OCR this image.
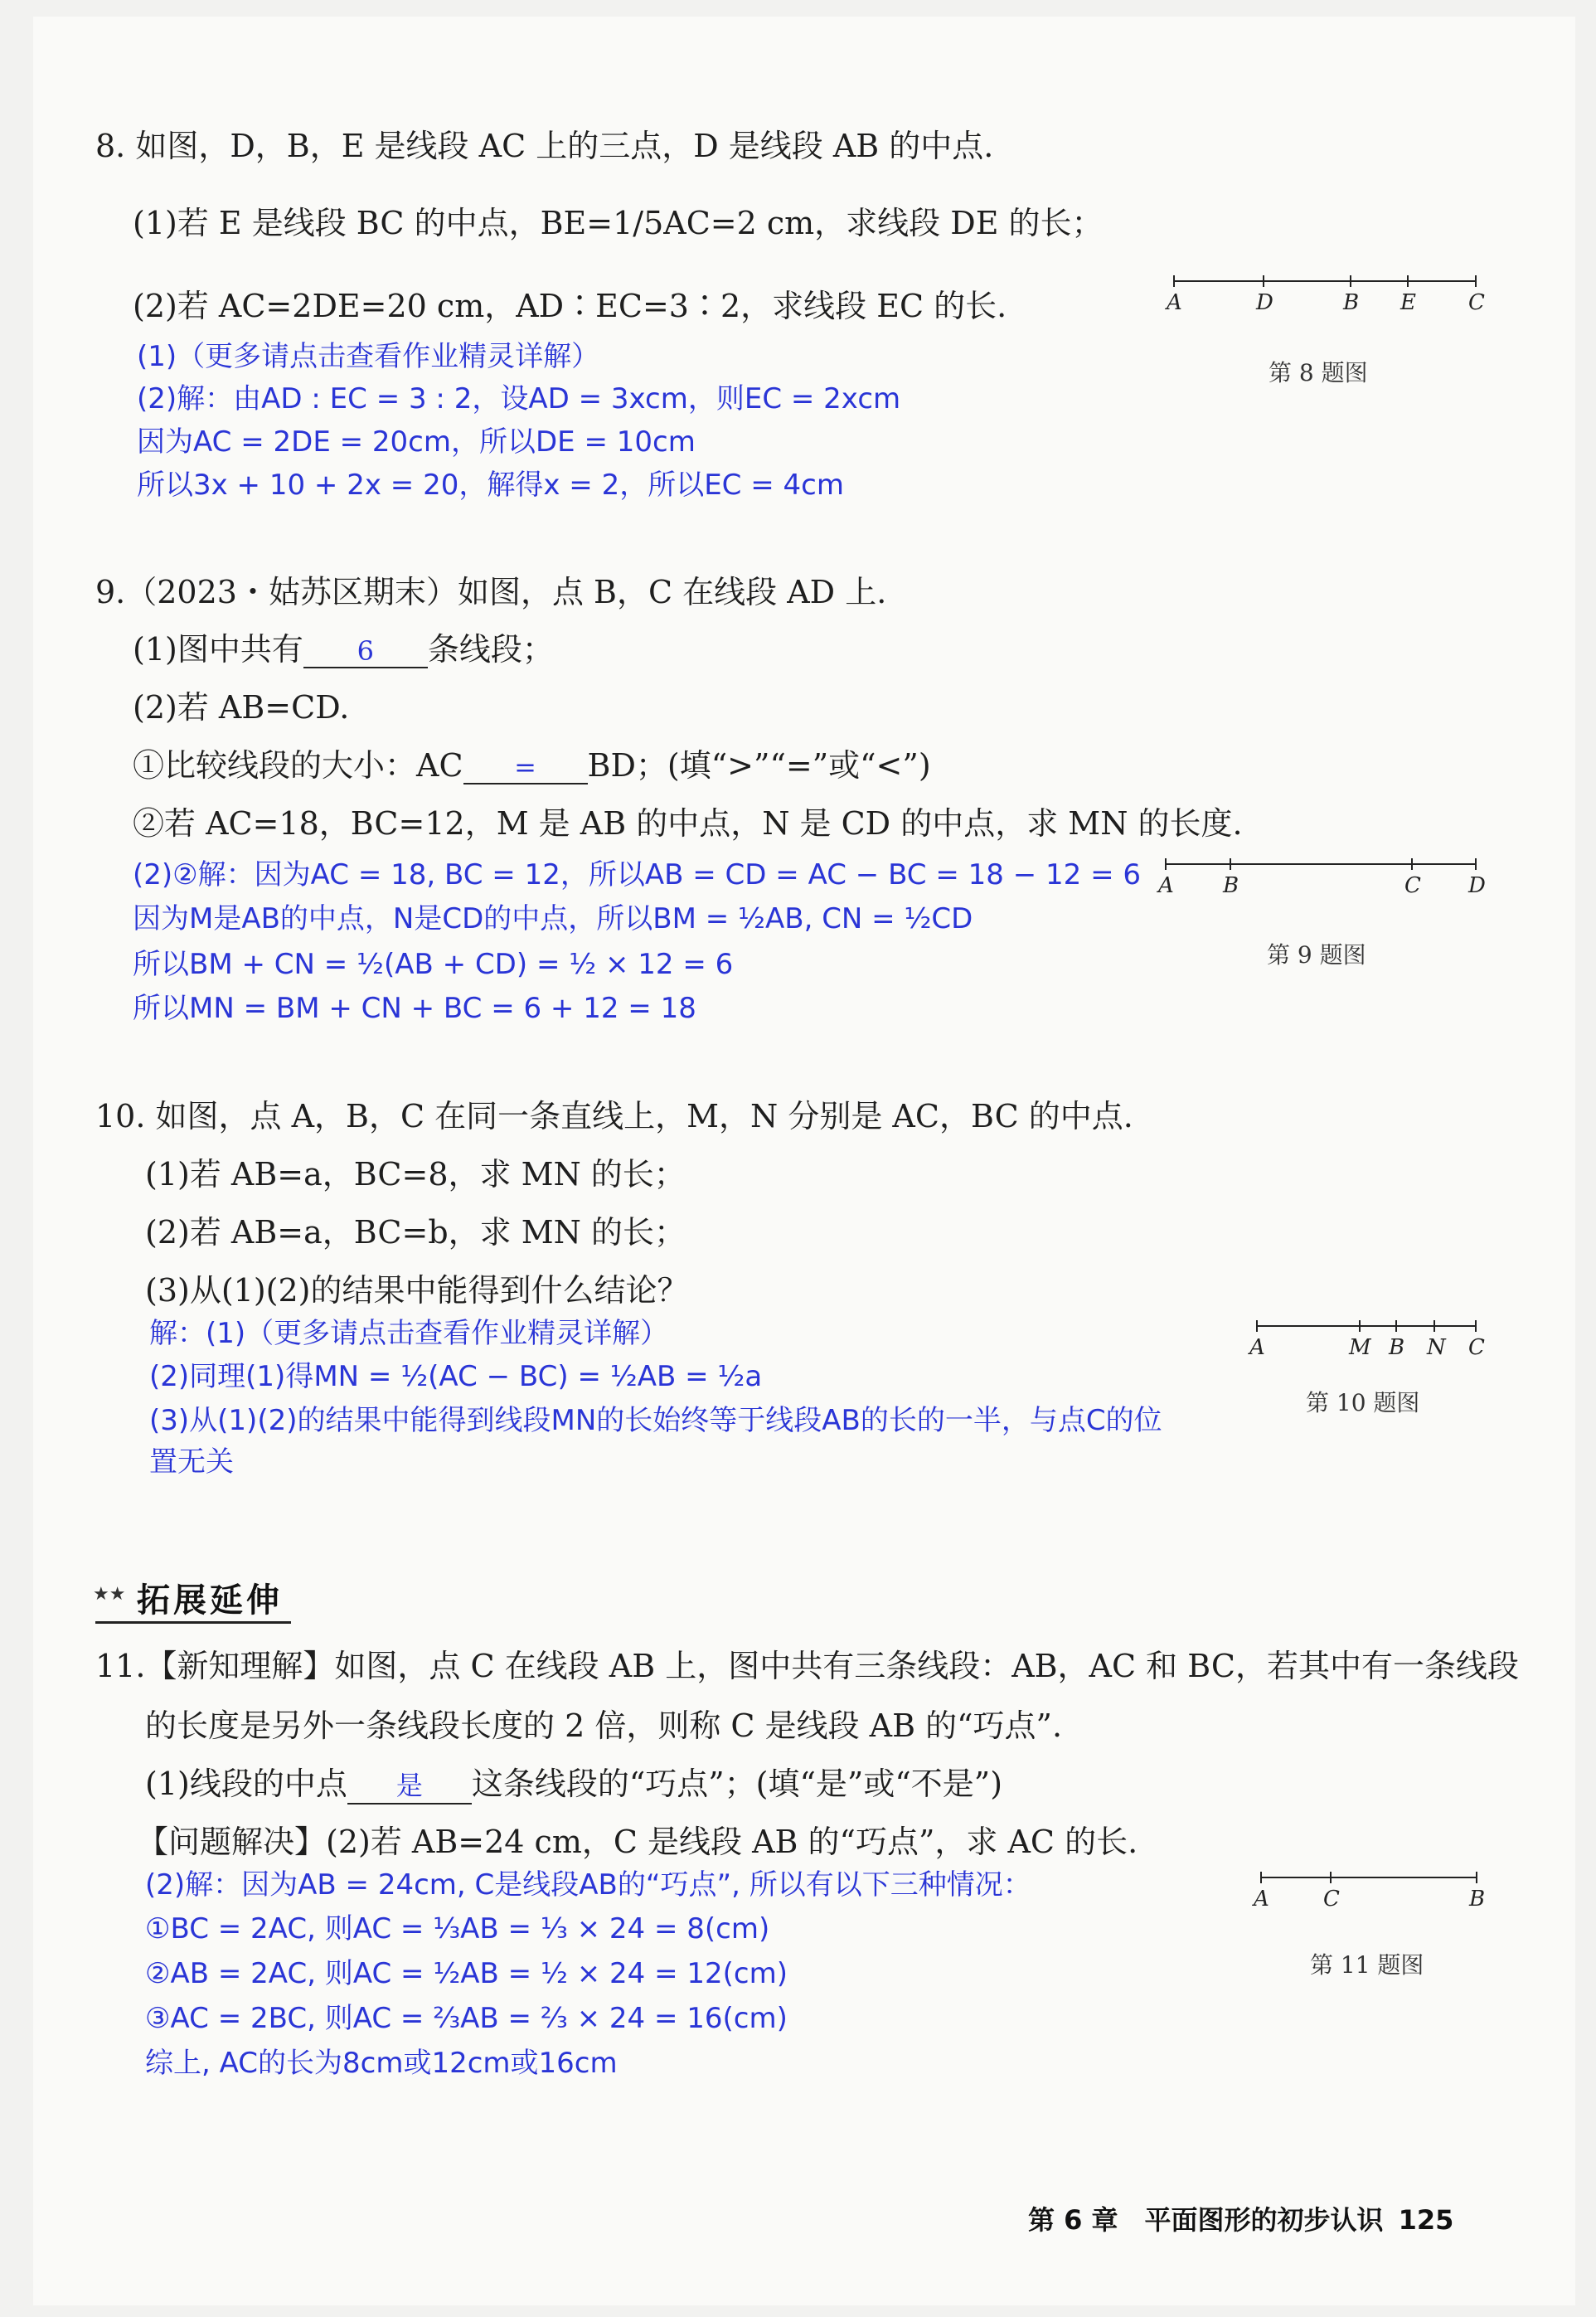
8. 如图，D，B，E 是线段 AC 上的三点，D 是线段 AB 的中点.
(1)若 E 是线段 BC 的中点，BE=1/5AC=2 cm，求线段 DE 的长；
(2)若 AC=2DE=20 cm，AD∶EC=3∶2，求线段 EC 的长.
(1)（更多请点击查看作业精灵详解）
(2)解：由AD : EC = 3 : 2，设AD = 3xcm，则EC = 2xcm
因为AC = 2DE = 20cm，所以DE = 10cm
所以3x + 10 + 2x = 20，解得x = 2，所以EC = 4cm
A	D	B E C
第 8 题图
9.（2023・姑苏区期末）如图，点 B，C 在线段 AD 上.
(1)图中共有 6 条线段；
(2)若 AB=CD.
①比较线段的大小：AC = BD；(填“>”“=”或“<”)
②若 AC=18，BC=12，M 是 AB 的中点，N 是 CD 的中点，求 MN 的长度.
(2)②解：因为AC = 18, BC = 12，所以AB = CD = AC − BC = 18 − 12 = 6
因为M是AB的中点，N是CD的中点，所以BM = ½AB, CN = ½CD
所以BM + CN = ½(AB + CD) = ½ × 12 = 6
所以MN = BM + CN + BC = 6 + 12 = 18
A B	C D
第 9 题图
10. 如图，点 A，B，C 在同一条直线上，M，N 分别是 AC，BC 的中点.
(1)若 AB=a，BC=8，求 MN 的长；
(2)若 AB=a，BC=b，求 MN 的长；
(3)从(1)(2)的结果中能得到什么结论？
解：(1)（更多请点击查看作业精灵详解）
(2)同理(1)得MN = ½(AC − BC) = ½AB = ½a
(3)从(1)(2)的结果中能得到线段MN的长始终等于线段AB的长的一半，与点C的位
置无关
A	M B N C
第 10 题图
★★ 拓展延伸
11.【新知理解】如图，点 C 在线段 AB 上，图中共有三条线段：AB，AC 和 BC，若其中有一条线段
的长度是另外一条线段长度的 2 倍，则称 C 是线段 AB 的“巧点”.
(1)线段的中点 是 这条线段的“巧点”；(填“是”或“不是”)
【问题解决】(2)若 AB=24 cm，C 是线段 AB 的“巧点”，求 AC 的长.
(2)解：因为AB = 24cm, C是线段AB的“巧点”, 所以有以下三种情况：
①BC = 2AC, 则AC = ⅓AB = ⅓ × 24 = 8(cm)
②AB = 2AC, 则AC = ½AB = ½ × 24 = 12(cm)
③AC = 2BC, 则AC = ⅔AB = ⅔ × 24 = 16(cm)
综上, AC的长为8cm或12cm或16cm
A	C	B
第 11 题图
第 6 章　平面图形的初步认识 125
